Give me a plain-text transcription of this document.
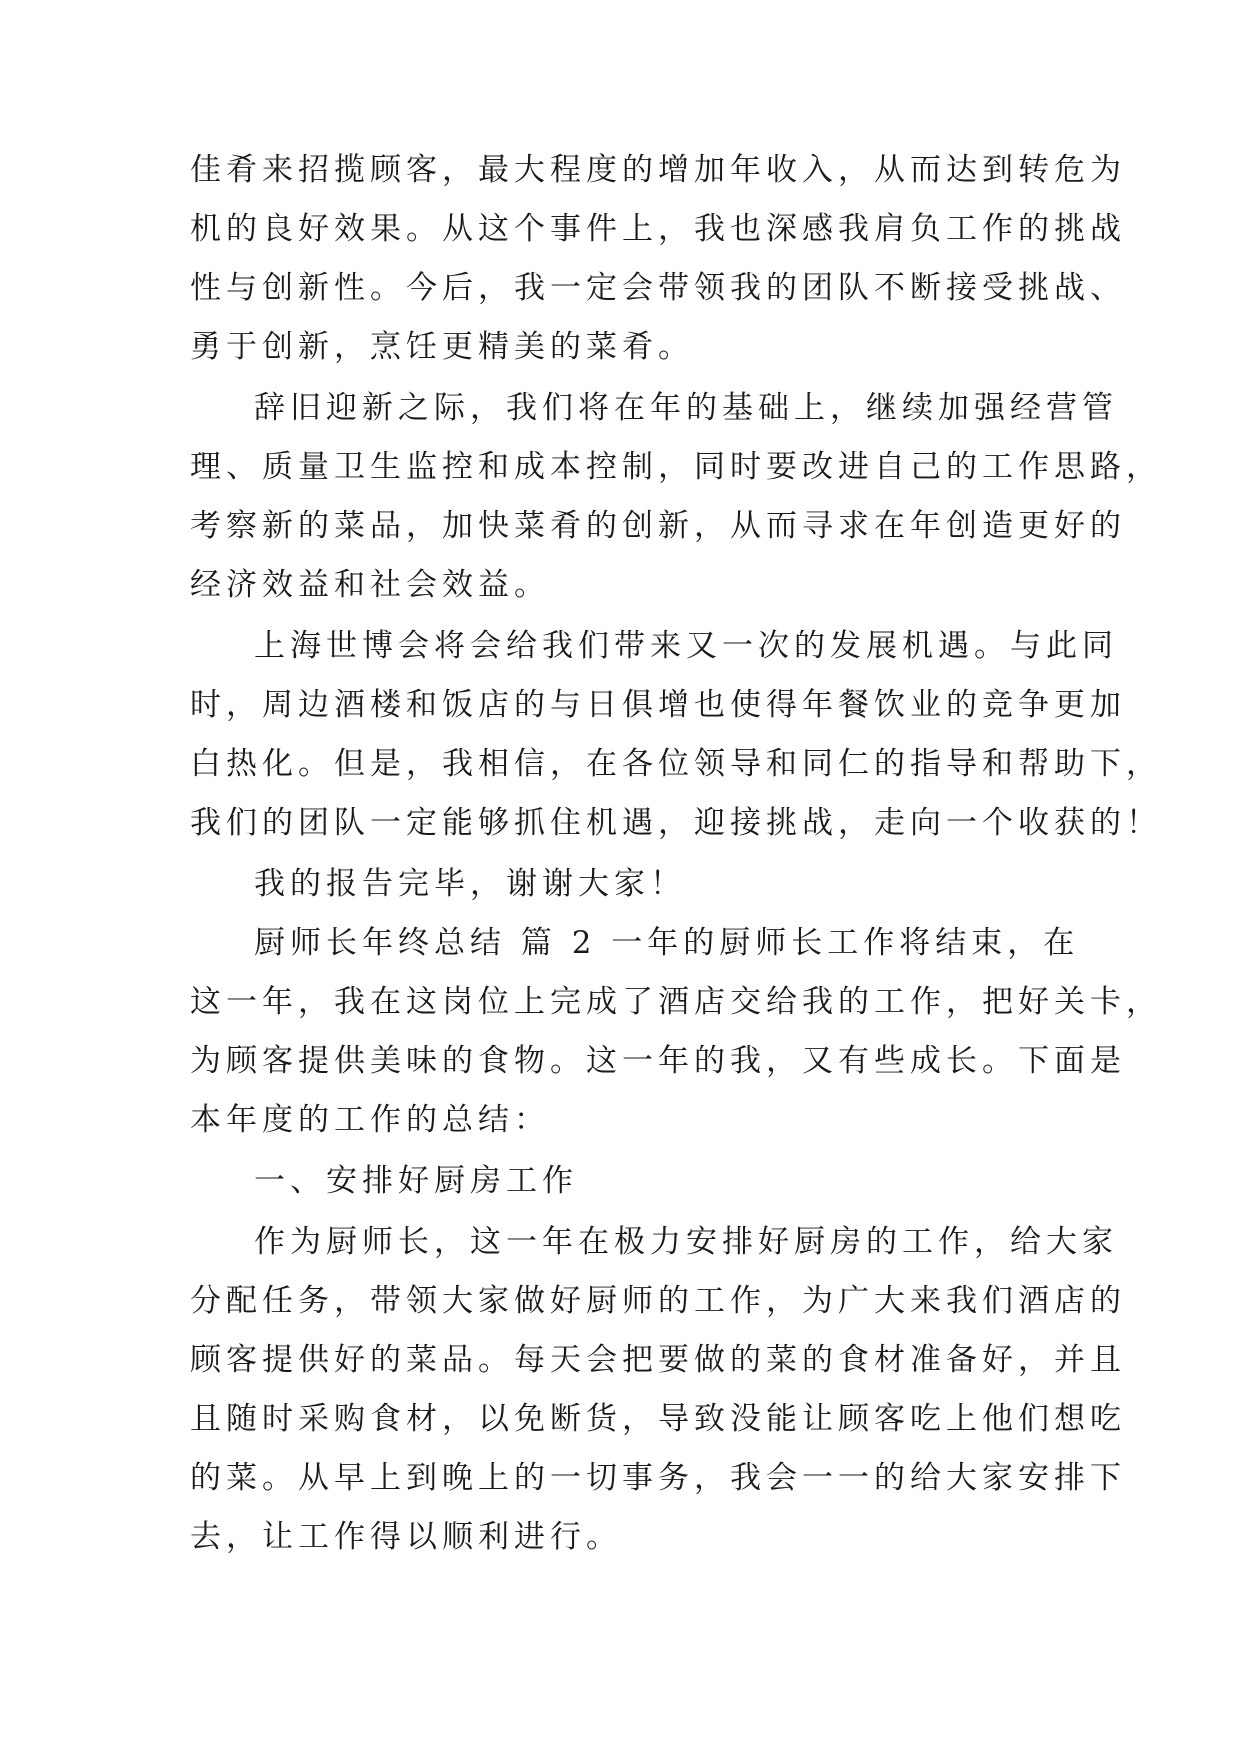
佳肴来招揽顾客，最大程度的增加年收入，从而达到转危为
机的良好效果。从这个事件上，我也深感我肩负工作的挑战
性与创新性。今后，我一定会带领我的团队不断接受挑战、
勇于创新，烹饪更精美的菜肴。
辞旧迎新之际，我们将在年的基础上，继续加强经营管
理、质量卫生监控和成本控制，同时要改进自己的工作思路，
考察新的菜品，加快菜肴的创新，从而寻求在年创造更好的
经济效益和社会效益。
上海世博会将会给我们带来又一次的发展机遇。与此同
时，周边酒楼和饭店的与日俱增也使得年餐饮业的竞争更加
白热化。但是，我相信，在各位领导和同仁的指导和帮助下，
我们的团队一定能够抓住机遇，迎接挑战，走向一个收获的！
我的报告完毕，谢谢大家！
厨师长年终总结 篇 2 一年的厨师长工作将结束，在
这一年，我在这岗位上完成了酒店交给我的工作，把好关卡，
为顾客提供美味的食物。这一年的我，又有些成长。下面是
本年度的工作的总结：
一、安排好厨房工作
作为厨师长，这一年在极力安排好厨房的工作，给大家
分配任务，带领大家做好厨师的工作，为广大来我们酒店的
顾客提供好的菜品。每天会把要做的菜的食材准备好，并且
且随时采购食材，以免断货，导致没能让顾客吃上他们想吃
的菜。从早上到晚上的一切事务，我会一一的给大家安排下
去，让工作得以顺利进行。
